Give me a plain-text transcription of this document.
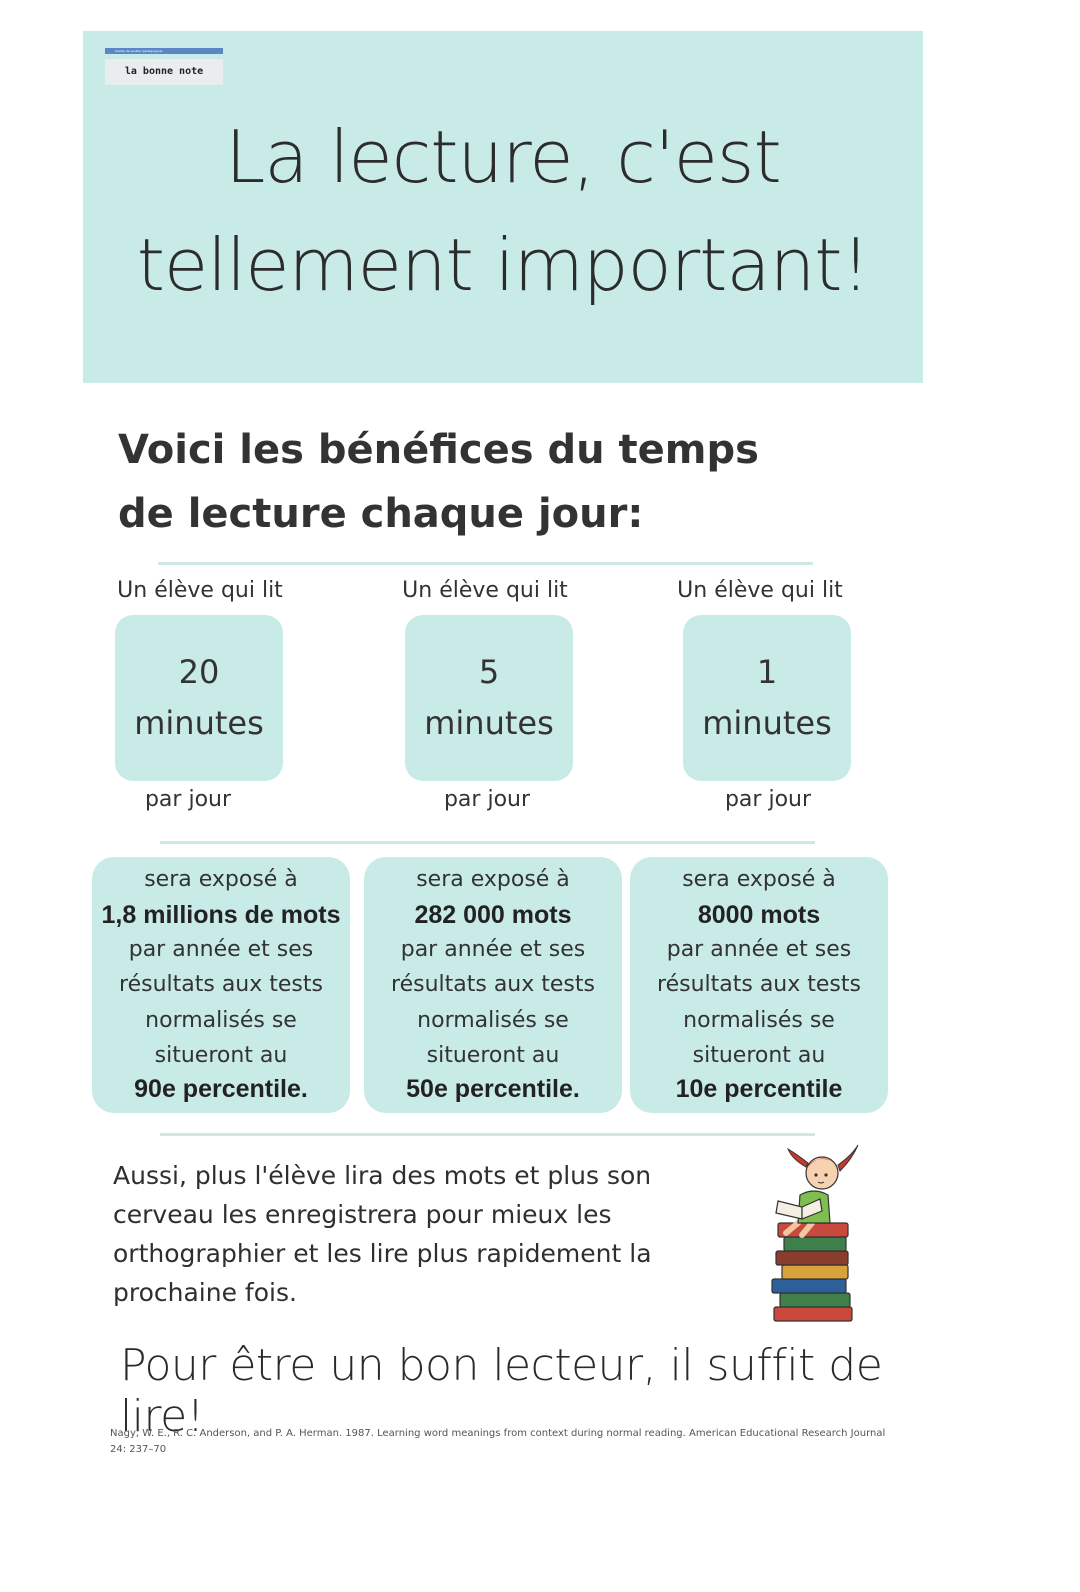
Centre de soutien pédagogique
la bonne note
La lecture, c'est
tellement important!
Voici les bénéfices du temps
de lecture chaque jour:
Un élève qui lit
20
minutes
par jour
Un élève qui lit
5
minutes
par jour
Un élève qui lit
1
minutes
par jour
sera exposé à
1,8 millions de mots
par année et ses
résultats aux tests
normalisés se
situeront au
90e percentile.
sera exposé à
282 000 mots
par année et ses
résultats aux tests
normalisés se
situeront au
50e percentile.
sera exposé à
8000 mots
par année et ses
résultats aux tests
normalisés se
situeront au
10e percentile
Aussi, plus l'élève lira des mots et plus son
cerveau les enregistrera pour mieux les
orthographier et les lire plus rapidement la
prochaine fois.
Pour être un bon lecteur, il suffit de lire!
Nagy, W. E., R. C. Anderson, and P. A. Herman. 1987. Learning word meanings from context during normal reading. American Educational Research Journal 24: 237–70
